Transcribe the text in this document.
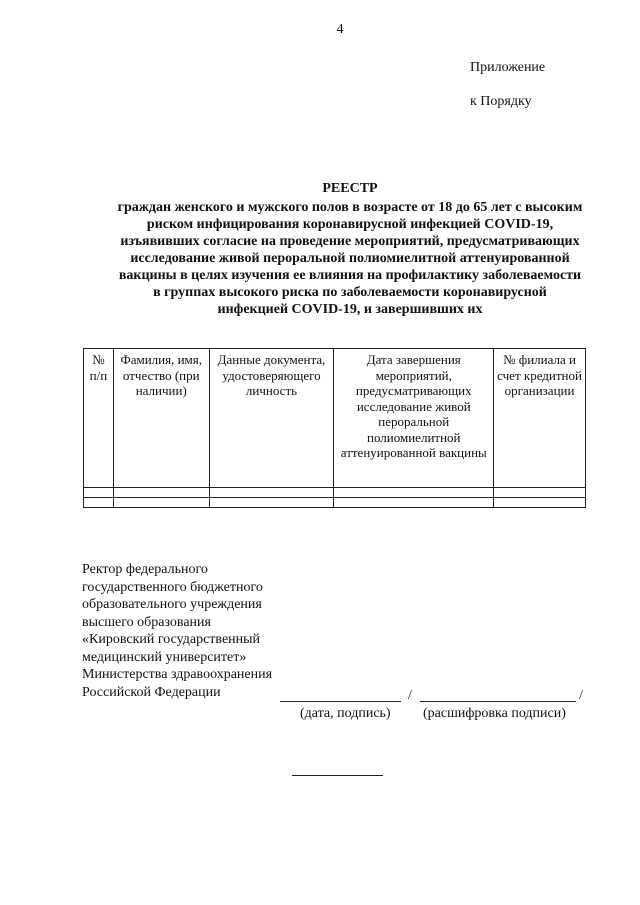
4
Приложение
к Порядку
РЕЕСТР
граждан женского и мужского полов в возрасте от 18 до 65 лет с высоким
риском инфицирования коронавирусной инфекцией COVID-19,
изъявивших согласие на проведение мероприятий, предусматривающих
исследование живой пероральной полиомиелитной аттенуированной
вакцины в целях изучения ее влияния на профилактику заболеваемости
в группах высокого риска по заболеваемости коронавирусной
инфекцией COVID-19, и завершивших их
№ п/п	Фамилия, имя, отчество (при наличии)	Данные документа, удостоверяющего личность	Дата завершения мероприятий, предусматривающих исследование живой пероральной полиомиелитной аттенуированной вакцины	№ филиала и счет кредитной организации

Ректор федерального
государственного бюджетного
образовательного учреждения
высшего образования
«Кировский государственный
медицинский университет»
Министерства здравоохранения
Российской Федерации	/	/
(дата, подпись) (расшифровка подписи)
